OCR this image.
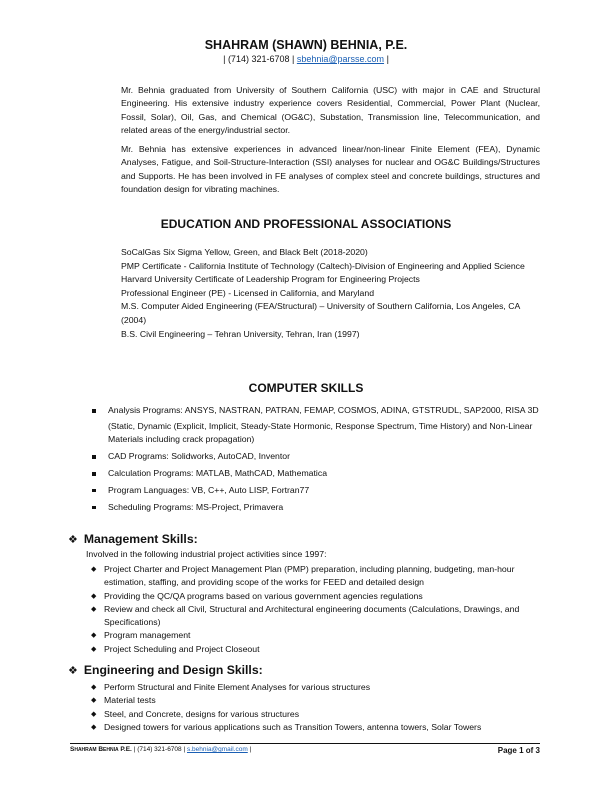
SHAHRAM (SHAWN) BEHNIA, P.E.
| (714) 321-6708 | sbehnia@parsse.com |
Mr. Behnia graduated from University of Southern California (USC) with major in CAE and Structural Engineering. His extensive industry experience covers Residential, Commercial, Power Plant (Nuclear, Fossil, Solar), Oil, Gas, and Chemical (OG&C), Substation, Transmission line, Telecommunication, and related areas of the energy/industrial sector.
Mr. Behnia has extensive experiences in advanced linear/non-linear Finite Element (FEA), Dynamic Analyses, Fatigue, and Soil-Structure-Interaction (SSI) analyses for nuclear and OG&C Buildings/Structures and Supports. He has been involved in FE analyses of complex steel and concrete buildings, structures and foundation design for vibrating machines.
EDUCATION AND PROFESSIONAL ASSOCIATIONS
SoCalGas Six Sigma Yellow, Green, and Black Belt (2018-2020)
PMP Certificate - California Institute of Technology (Caltech)-Division of Engineering and Applied Science
Harvard University Certificate of Leadership Program for Engineering Projects
Professional Engineer (PE) - Licensed in California, and Maryland
M.S. Computer Aided Engineering (FEA/Structural) – University of Southern California, Los Angeles, CA (2004)
B.S. Civil Engineering – Tehran University, Tehran, Iran (1997)
COMPUTER SKILLS
Analysis Programs: ANSYS, NASTRAN, PATRAN, FEMAP, COSMOS, ADINA, GTSTRUDL, SAP2000, RISA 3D
(Static, Dynamic (Explicit, Implicit, Steady-State Hormonic, Response Spectrum, Time History) and Non-Linear Materials including crack propagation)
CAD Programs: Solidworks, AutoCAD, Inventor
Calculation Programs: MATLAB, MathCAD, Mathematica
Program Languages: VB, C++, Auto LISP, Fortran77
Scheduling Programs: MS-Project, Primavera
❖ Management Skills:
Involved in the following industrial project activities since 1997:
◆ Project Charter and Project Management Plan (PMP) preparation, including planning, budgeting, man-hour estimation, staffing, and providing scope of the works for FEED and detailed design
◆ Providing the QC/QA programs based on various government agencies regulations
◆ Review and check all Civil, Structural and Architectural engineering documents (Calculations, Drawings, and Specifications)
◆ Program management
◆ Project Scheduling and Project Closeout
❖ Engineering and Design Skills:
◆ Perform Structural and Finite Element Analyses for various structures
◆ Material tests
◆ Steel, and Concrete, designs for various structures
◆ Designed towers for various applications such as Transition Towers, antenna towers, Solar Towers
Shahram Behnia P.E. | (714) 321-6708 | s.behnia@gmail.com |	Page 1 of 3
